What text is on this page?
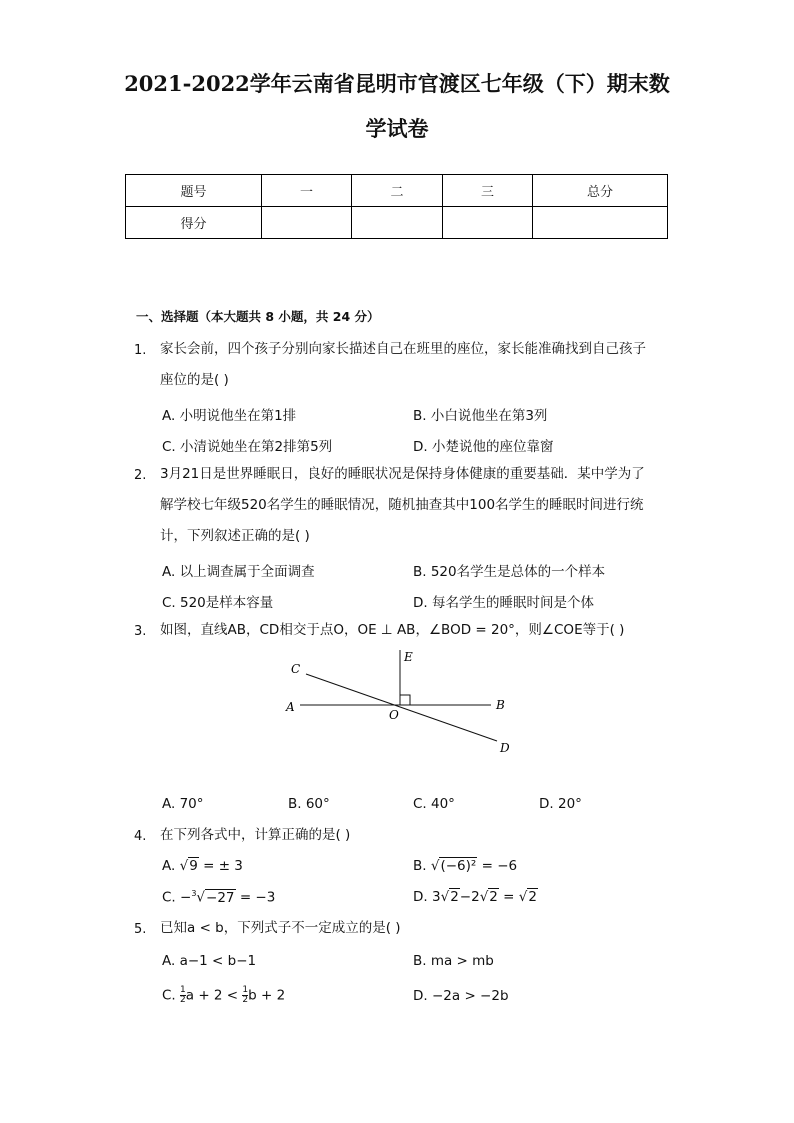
2021-2022学年云南省昆明市官渡区七年级（下）期末数
学试卷
题号	一	二	三	总分
得分				
一、选择题（本大题共 8 小题，共 24 分）
1. 家长会前，四个孩子分别向家长描述自己在班里的座位，家长能准确找到自己孩子
座位的是( )
A. 小明说他坐在第1排	B. 小白说他坐在第3列
C. 小清说她坐在第2排第5列	D. 小楚说他的座位靠窗
2. 3月21日是世界睡眠日，良好的睡眠状况是保持身体健康的重要基础．某中学为了
解学校七年级520名学生的睡眠情况，随机抽查其中100名学生的睡眠时间进行统
计，下列叙述正确的是( )
A. 以上调查属于全面调查	B. 520名学生是总体的一个样本
C. 520是样本容量	D. 每名学生的睡眠时间是个体
3. 如图，直线AB，CD相交于点O，OE ⊥ AB，∠BOD = 20°，则∠COE等于( )
C
E
A
O
B
D
A. 70°	B. 60°	C. 40°	D. 20°
4. 在下列各式中，计算正确的是( )
A. √9 = ± 3	B. √(−6)² = −6
C. −$^3$√−27 = −3	D. 3√2−2√2 = √2
5. 已知a < b，下列式子不一定成立的是( )
A. a−1 < b−1	B. ma > mb
C. $\frac{1}{2}$ $a + 2 < \frac{1}{2}$ b + 2	D. −2a > −2b
